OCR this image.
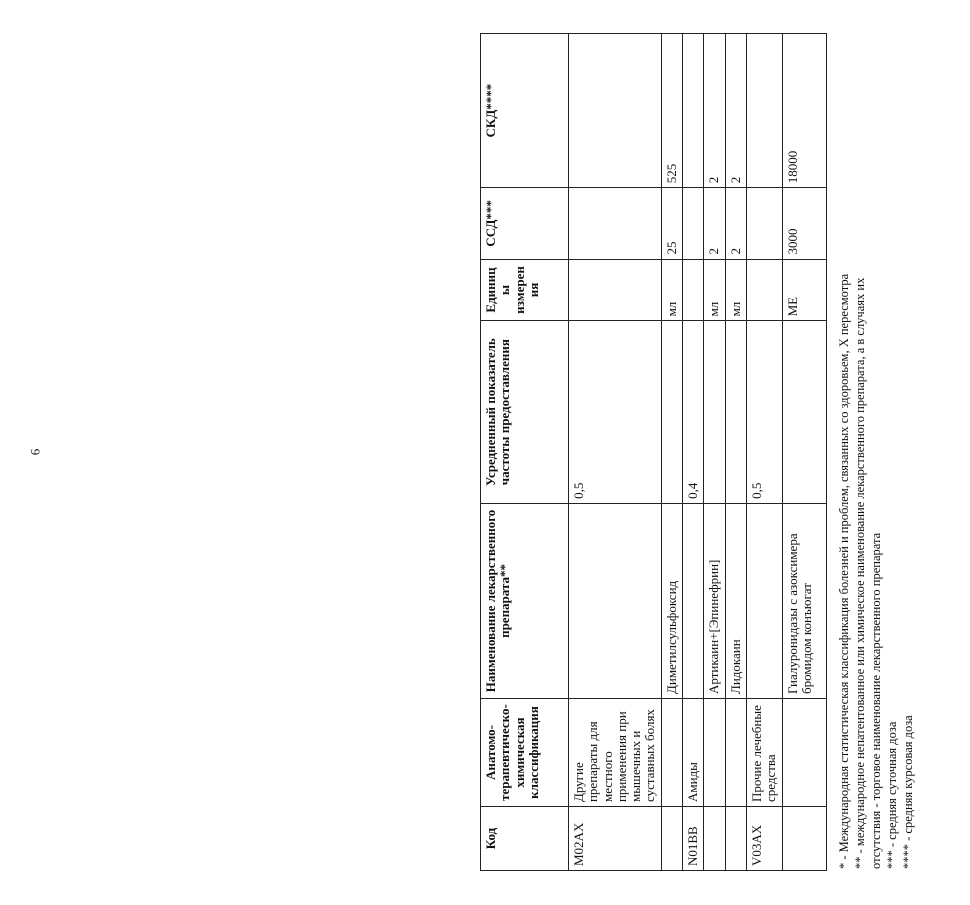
6
Код	Анатомо-терапевтическо-химическая классификация	Наименование лекарственного препарата**	Усредненный показатель частоты предоставления	Единицы измерения	ССД***	СКД****
M02AX	Другие препараты для местного применения при мышечных и суставных болях		0,5			
		Диметилсульфоксид		мл	25	525
N01BB	Амиды		0,4			
		Артикаин+[Эпинефрин]		мл	2	2
		Лидокаин		мл	2	2
V03AX	Прочие лечебные средства		0,5			
		Гиалуронидазы с азоксимера бромидом конъюгат		МЕ	3000	18000
* - Международная статистическая классификация болезней и проблем, связанных со здоровьем, X пересмотра ** - международное непатентованное или химическое наименование лекарственного препарата, а в случаях их отсутствия - торговое наименование лекарственного препарата *** - средняя суточная доза **** - средняя курсовая доза
